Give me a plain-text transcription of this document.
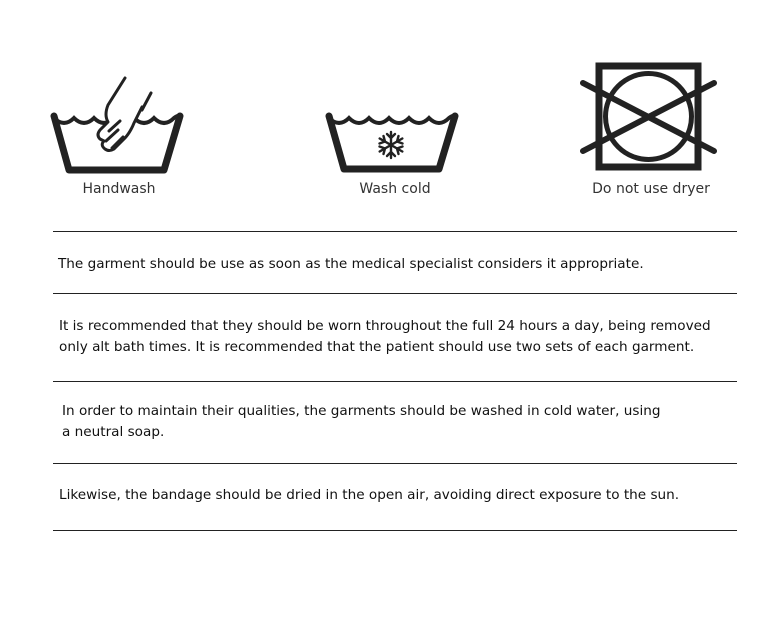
Handwash	Wash cold	Do not use dryer
The garment should be use as soon as the medical specialist considers it appropriate.
It is recommended that they should be worn throughout the full 24 hours a day, being removed
only alt bath times. It is recommended that the patient should use two sets of each garment.
In order to maintain their qualities, the garments should be washed in cold water, using
a neutral soap.
Likewise, the bandage should be dried in the open air, avoiding direct exposure to the sun.
